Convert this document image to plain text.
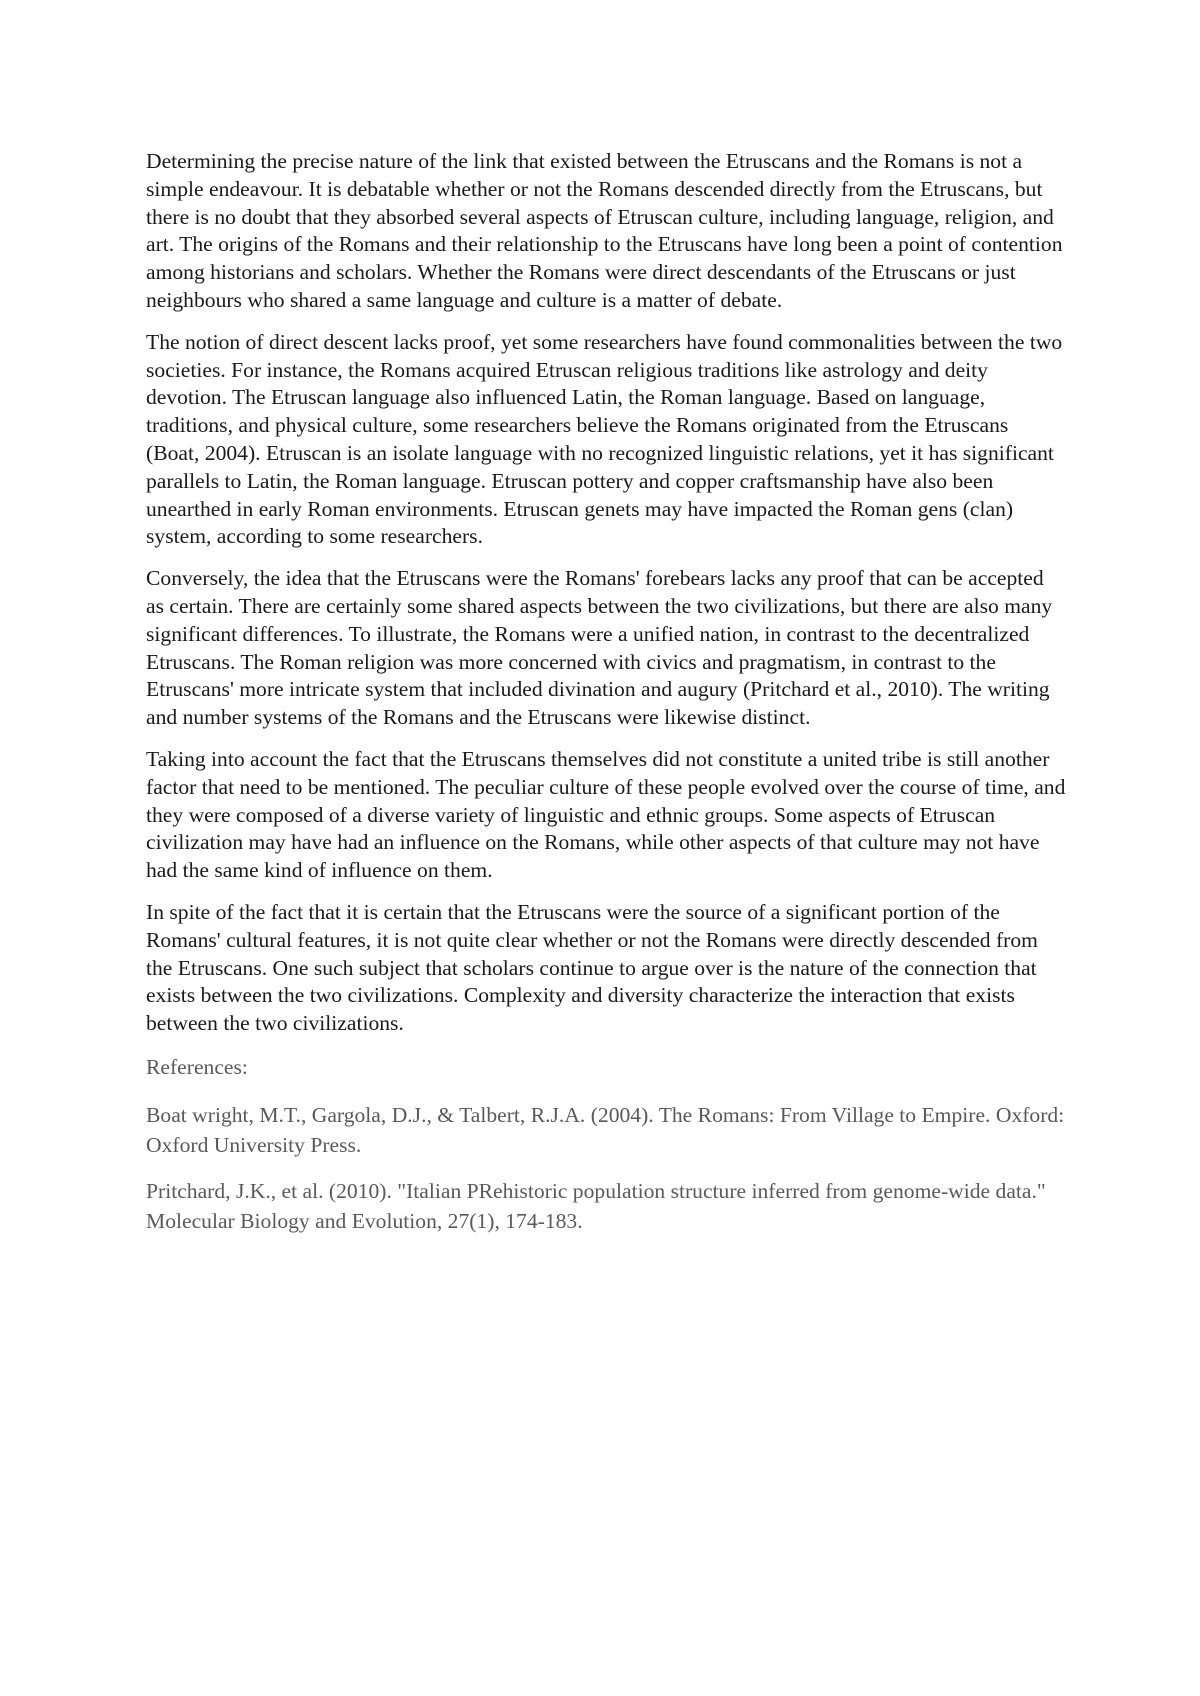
Determining the precise nature of the link that existed between the Etruscans and the Romans is not a simple endeavour. It is debatable whether or not the Romans descended directly from the Etruscans, but there is no doubt that they absorbed several aspects of Etruscan culture, including language, religion, and art. The origins of the Romans and their relationship to the Etruscans have long been a point of contention among historians and scholars. Whether the Romans were direct descendants of the Etruscans or just neighbours who shared a same language and culture is a matter of debate.

The notion of direct descent lacks proof, yet some researchers have found commonalities between the two societies. For instance, the Romans acquired Etruscan religious traditions like astrology and deity devotion. The Etruscan language also influenced Latin, the Roman language. Based on language, traditions, and physical culture, some researchers believe the Romans originated from the Etruscans (Boat, 2004). Etruscan is an isolate language with no recognized linguistic relations, yet it has significant parallels to Latin, the Roman language. Etruscan pottery and copper craftsmanship have also been unearthed in early Roman environments. Etruscan genets may have impacted the Roman gens (clan) system, according to some researchers.

Conversely, the idea that the Etruscans were the Romans' forebears lacks any proof that can be accepted as certain. There are certainly some shared aspects between the two civilizations, but there are also many significant differences. To illustrate, the Romans were a unified nation, in contrast to the decentralized Etruscans. The Roman religion was more concerned with civics and pragmatism, in contrast to the Etruscans' more intricate system that included divination and augury (Pritchard et al., 2010). The writing and number systems of the Romans and the Etruscans were likewise distinct.

Taking into account the fact that the Etruscans themselves did not constitute a united tribe is still another factor that need to be mentioned. The peculiar culture of these people evolved over the course of time, and they were composed of a diverse variety of linguistic and ethnic groups. Some aspects of Etruscan civilization may have had an influence on the Romans, while other aspects of that culture may not have had the same kind of influence on them.

In spite of the fact that it is certain that the Etruscans were the source of a significant portion of the Romans' cultural features, it is not quite clear whether or not the Romans were directly descended from the Etruscans. One such subject that scholars continue to argue over is the nature of the connection that exists between the two civilizations. Complexity and diversity characterize the interaction that exists between the two civilizations.

References:

Boat wright, M.T., Gargola, D.J., & Talbert, R.J.A. (2004). The Romans: From Village to Empire. Oxford: Oxford University Press.

Pritchard, J.K., et al. (2010). "Italian PRehistoric population structure inferred from genome-wide data." Molecular Biology and Evolution, 27(1), 174-183.
